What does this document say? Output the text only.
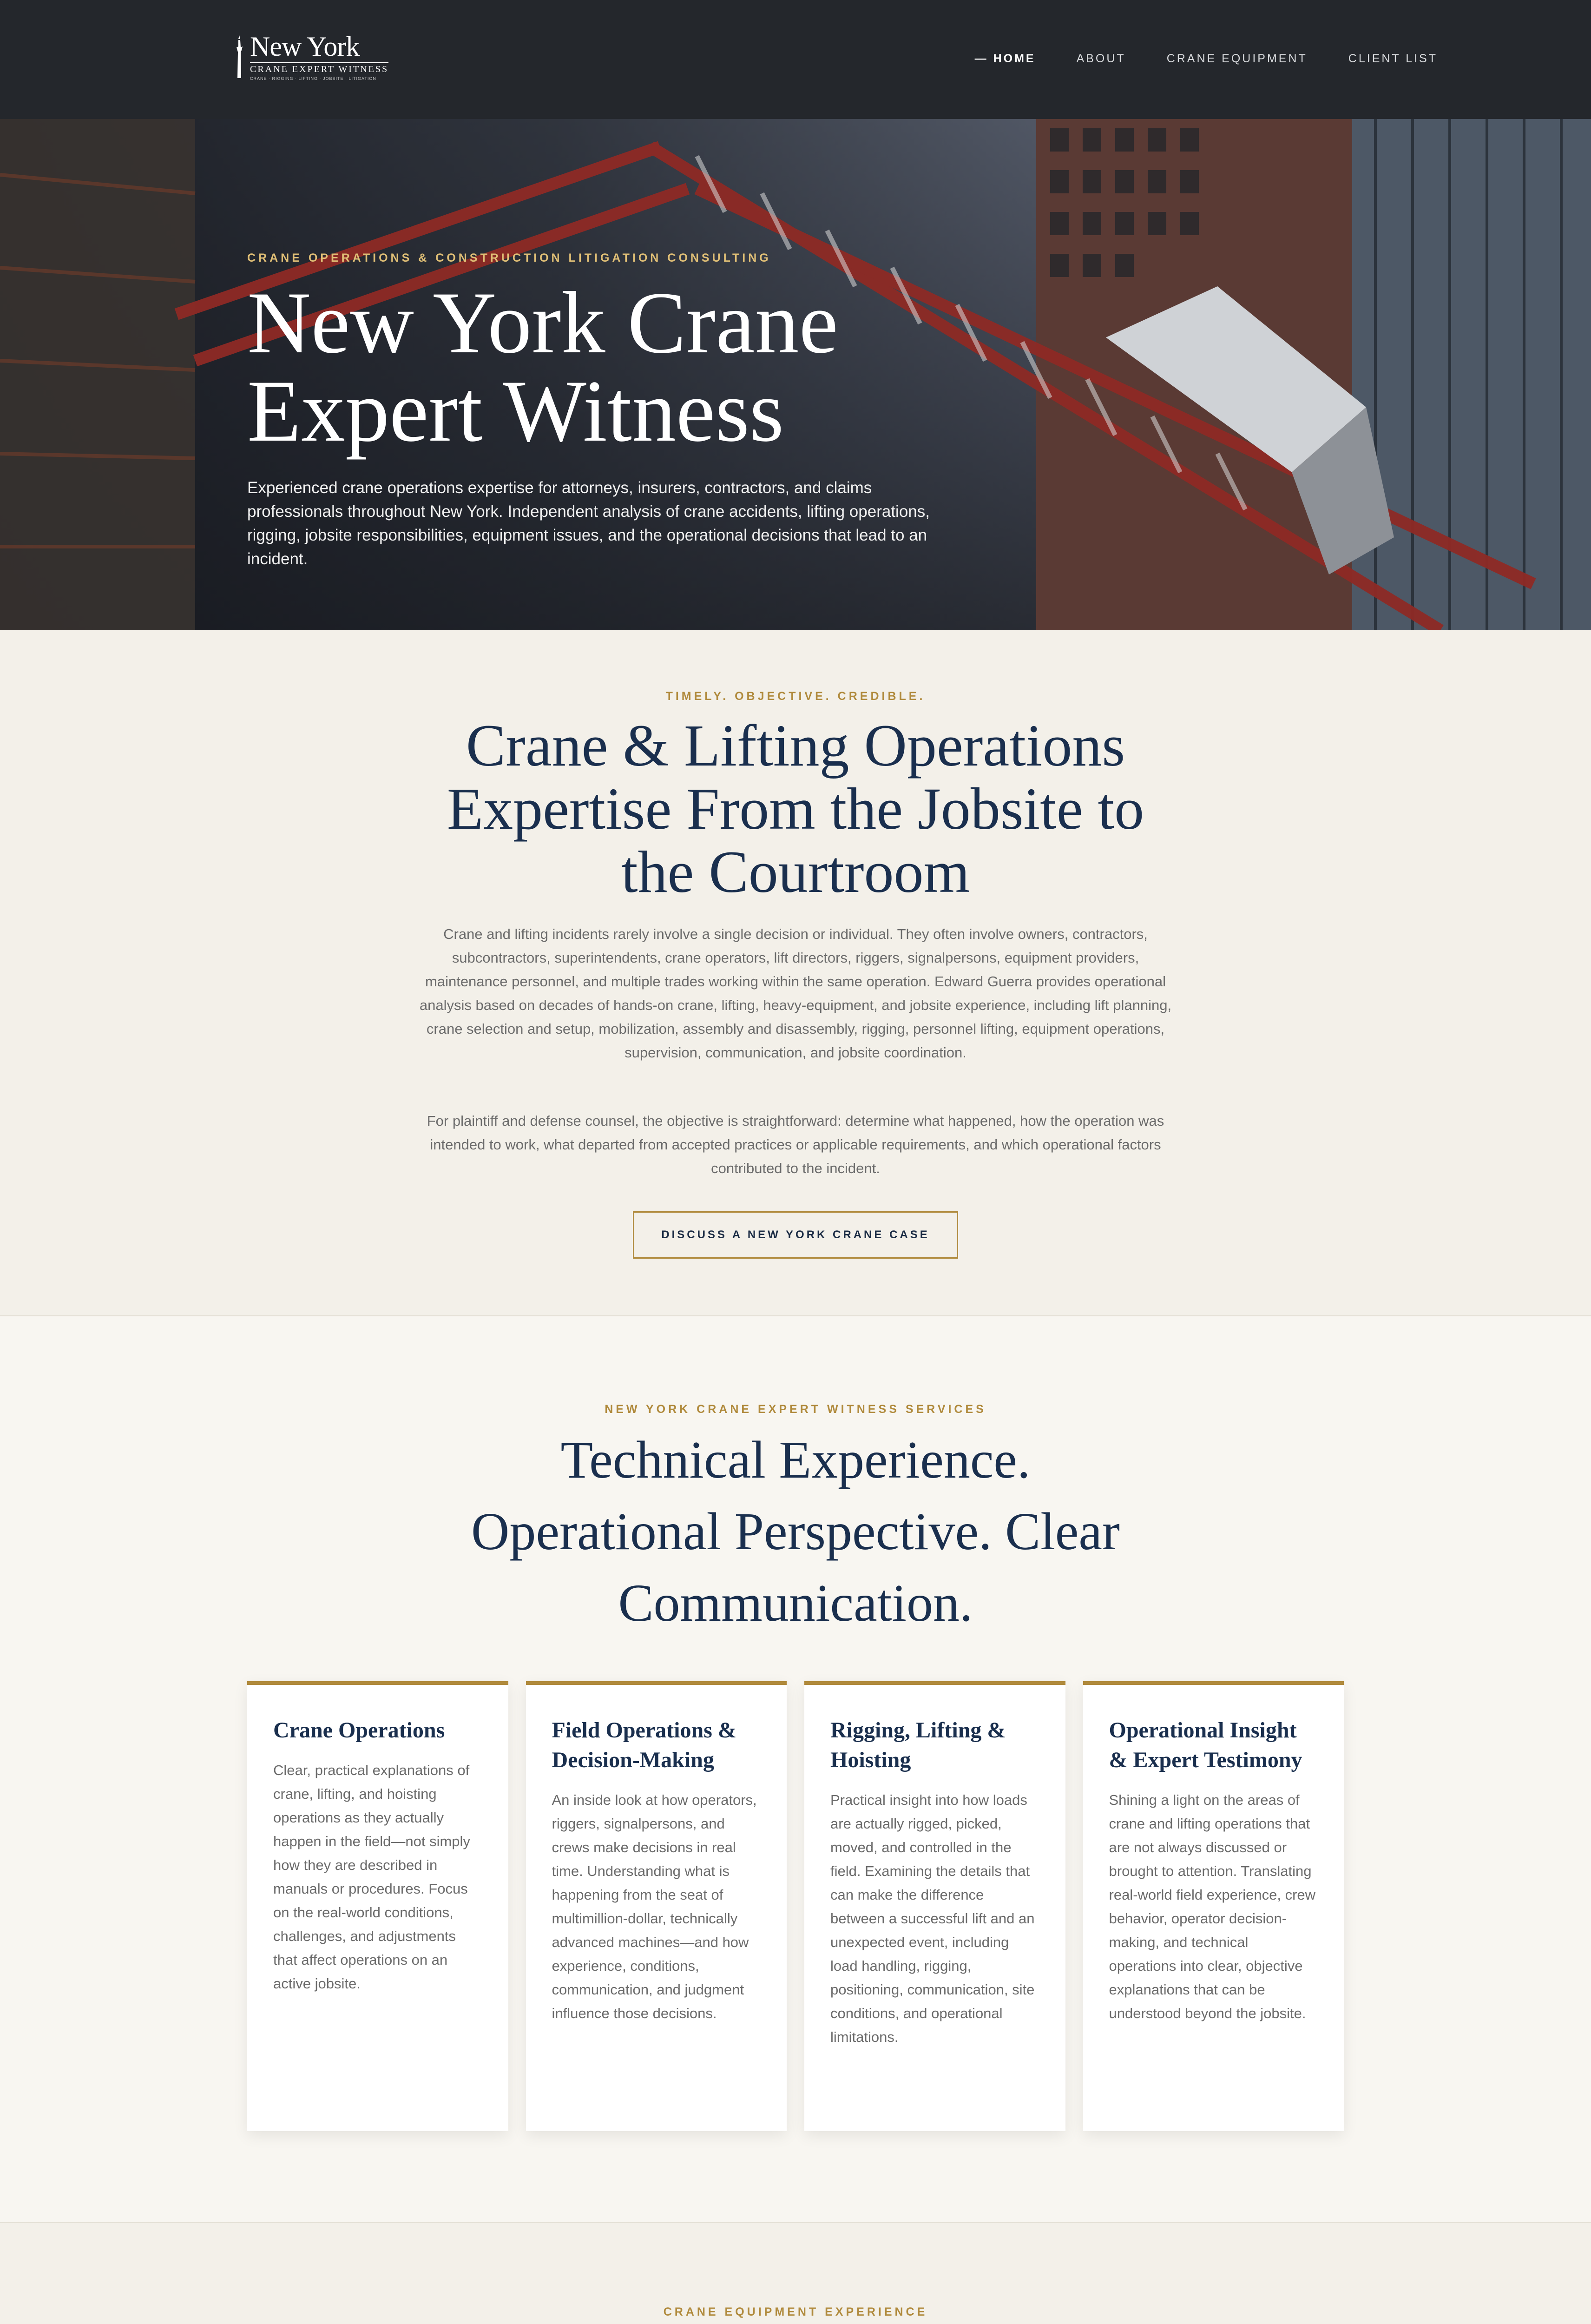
New York
CRANE EXPERT WITNESS
CRANE · RIGGING · LIFTING · JOBSITE · LITIGATION
— HOME	ABOUT	CRANE EQUIPMENT	CLIENT LIST
CRANE OPERATIONS & CONSTRUCTION LITIGATION CONSULTING
New York Crane
Expert Witness

Experienced crane operations expertise for attorneys, insurers, contractors, and claims professionals throughout New York. Independent analysis of crane accidents, lifting operations, rigging, jobsite responsibilities, equipment issues, and the operational decisions that lead to an incident.

TIMELY. OBJECTIVE. CREDIBLE.
Crane & Lifting Operations
Expertise From the Jobsite to
the Courtroom

Crane and lifting incidents rarely involve a single decision or individual. They often involve owners, contractors, subcontractors, superintendents, crane operators, lift directors, riggers, signalpersons, equipment providers, maintenance personnel, and multiple trades working within the same operation. Edward Guerra provides operational analysis based on decades of hands-on crane, lifting, heavy-equipment, and jobsite experience, including lift planning, crane selection and setup, mobilization, assembly and disassembly, rigging, personnel lifting, equipment operations, supervision, communication, and jobsite coordination.

For plaintiff and defense counsel, the objective is straightforward: determine what happened, how the operation was intended to work, what departed from accepted practices or applicable requirements, and which operational factors contributed to the incident.

DISCUSS A NEW YORK CRANE CASE
NEW YORK CRANE EXPERT WITNESS SERVICES
Technical Experience.
Operational Perspective. Clear
Communication.
Crane Operations

Clear, practical explanations of crane, lifting, and hoisting operations as they actually happen in the field—not simply how they are described in manuals or procedures. Focus on the real-world conditions, challenges, and adjustments that affect operations on an active jobsite.

Field Operations & Decision-Making

An inside look at how operators, riggers, signalpersons, and crews make decisions in real time. Understanding what is happening from the seat of multimillion-dollar, technically advanced machines—and how experience, conditions, communication, and judgment influence those decisions.

Rigging, Lifting & Hoisting

Practical insight into how loads are actually rigged, picked, moved, and controlled in the field. Examining the details that can make the difference between a successful lift and an unexpected event, including load handling, rigging, positioning, communication, site conditions, and operational limitations.

Operational Insight & Expert Testimony

Shining a light on the areas of crane and lifting operations that are not always discussed or brought to attention. Translating real-world field experience, crew behavior, operator decision-making, and technical operations into clear, objective explanations that can be understood beyond the jobsite.

CRANE EQUIPMENT EXPERIENCE
